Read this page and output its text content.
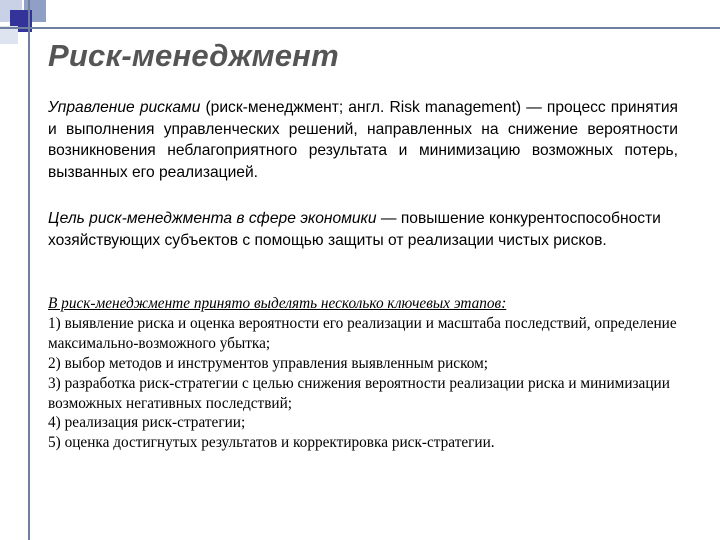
Риск-менеджмент

Управление рисками (риск-менеджмент; англ. Risk management) — процесс принятия и выполнения управленческих решений, направленных на снижение вероятности возникновения неблагоприятного результата и минимизацию возможных потерь, вызванных его реализацией.

Цель риск-менеджмента в сфере экономики — повышение конкурентоспособности хозяйствующих субъектов с помощью защиты от реализации чистых рисков.

В риск-менеджменте принято выделять несколько ключевых этапов:
1) выявление риска и оценка вероятности его реализации и масштаба последствий, определение максимально-возможного убытка;
2) выбор методов и инструментов управления выявленным риском;
3) разработка риск-стратегии с целью снижения вероятности реализации риска и минимизации возможных негативных последствий;
4) реализация риск-стратегии;
5) оценка достигнутых результатов и корректировка риск-стратегии.
